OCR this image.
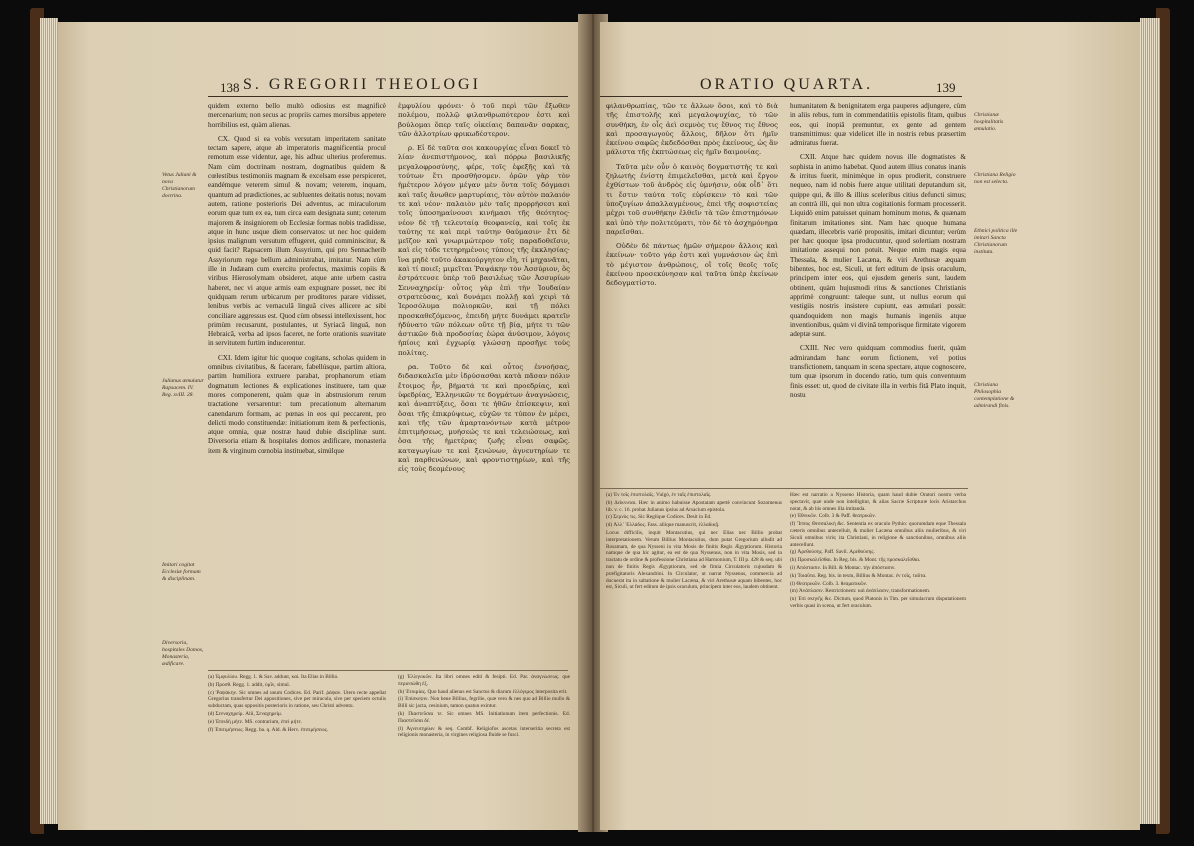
138 S. GREGORII THEOLOGI

quidem externo bello multò odiosius est magnificè mercenarium; non secus ac propriis carnes morsibus appetere horribilius est, quàm alienas.

CX. Quod si ea vobis versutam imperitatem sanitate tectam sapere, atque ab imperatoris magnificentia procul remotum esse videntur, age, his adhuc ulterius proferemus. Nam cùm doctrinam nostram, dogmatibus quidem & cœlestibus testimoniis magnam & excelsam esse perspiceret, eandémque veterem simul & novam; veterem, inquam, quantum ad prædictiones, ac subluentes deitatis notus; novam autem, ratione posterioris Dei adventus, ac miraculorum eorum quæ tum ex ea, tum circa eam designata sunt; ceterum majorem & insigniorem ob Ecclesiæ formas nobis tradidisse, atque in hunc usque diem conservatos: ut nec hoc quidem ipsius malignum versutum effugeret, quid comminiscitur, & quid facit? Rapsacem illum Assyrium, qui pro Sennacherib Assyriorum rege bellum administrabat, imitatur. Nam cùm ille in Judæam cum exercitu profectus, maximis copiis & viribus Hierosolymam obsideret, atque ante urbem castra haberet, nec vi atque armis eam expugnare posset, nec ibi quidquam rerum urbicarum per proditores parare vidisset, lenibus verbis ac vernaculâ linguâ cives allicere ac sibi conciliare aggressus est. Quod cùm obsessi intellexissent, hoc primùm recusarunt, postulantes, ut Syriacâ linguâ, non Hebraicâ, verba ad ipsos faceret, ne forte orationis suavitate in servitutem furtim inducerentur.

CXI. Idem igitur hic quoque cogitans, scholas quidem in omnibus civitatibus, & facerare, fabellúsque, partim altiora, partim humiliora extruere parabat, prophanorum etiam dogmatum lectiones & explicationes instituere, tam quæ mores componerent, quàm quæ in abstrusiorum rerum tractatione versarentur: tum precationum alternarum canendarum formam, ac pœnas in eos qui peccarent, pro delicti modo constituendæ: initiationum item & perfectionis, atque omnia, quæ nostræ haud dubie disciplinæ sunt. Diversoria etiam & hospitales domos ædificare, monasteria item & virginum cœnobia instituebat, simúlque

ἐμφυλίου φρόνει· ὁ τοῦ περὶ τῶν ἔξωθεν πολέμου, πολλῷ φιλανθρωπότερον ἐστι καὶ βούλομαι ὅπερ ταῖς οἰκείαις δαπανᾶν σαρκας, τῶν ἀλλοτρίων φρικωδέστερον.

ρ. Εἰ δὲ ταῦτα σοι κακουργίας εἶναι δοκεῖ τὸ λίαν ἀνεπιστήμονος, καὶ πόρρω βασιλικῆς μεγαλοφροσύνης, φέρε, τοῖς ἐφεξῆς καὶ τὰ τούτων ἔτι προσθήσομεν. ὁρῶν γὰρ τὸν ἡμέτερον λόγον μέγαν μὲν ὄντα τοῖς δόγμασι καὶ ταῖς ἄνωθεν μαρτυρίαις, τὸν αὐτὸν παλαιόν τε καὶ νέον· παλαιὸν μὲν ταῖς προρρήσεσι καὶ τοῖς ὑποσημαίνουσι κινήμασι τῆς θεότητος· νέον δὲ τῇ τελευταίᾳ θεοφανείᾳ, καὶ τοῖς ἐκ ταύτης τε καὶ περὶ ταύτην θαύμασιν· ἔτι δὲ μεῖζον καὶ γνωριμώτερον τοῖς παραδοθεῖσιν, καὶ εἰς τόδε τετηρημένοις τύποις τῆς ἐκκλησίας· ἵνα μηδὲ τοῦτο ἀκακούργητον εἴη, τί μηχανᾶται, καὶ τί ποιεῖ; μιμεῖται Ῥαψάκην τὸν Ἀσσύριον, ὃς ἐστράτευσε ὑπὲρ τοῦ βασιλέως τῶν Ἀσσυρίων Σενναχηρείμ· οὗτος γὰρ ἐπὶ τὴν Ἰουδαίαν στρατεύσας, καὶ δυνάμει πολλῇ καὶ χειρὶ τὰ Ἱεροσόλυμα πολιορκῶν, καὶ τῇ πόλει προσκαθεζόμενος, ἐπειδὴ μήτε δυνάμει κρατεῖν ἠδύνατο τῶν πόλεων οὔτε τῇ βίᾳ, μήτε τι τῶν ἀστικῶν διὰ προδοσίας ἑώρα ἀνύσιμον, λόγοις ἠπίοις καὶ ἐγχωρίᾳ γλώσσῃ προσῆγε τοὺς πολίτας.

ρα. Τοῦτο δὲ καὶ οὗτος ἐννοήσας, διδασκαλεῖα μὲν ἱδρύσασθαι κατὰ πᾶσαν πόλιν ἔτοιμος ἦν, βήματά τε καὶ προεδρίας, καὶ ὑφεδρίας, Ἑλληνικῶν τε δογμάτων ἀναγνώσεις, καὶ ἀναπτύξεις, ὅσαι τε ἠθῶν ἐπίσκεψιν, καὶ ὅσαι τῆς ἐπικρύψεως, εὐχῶν τε τύπον ἐν μέρει, καὶ τῆς τῶν ἁμαρτανόντων κατὰ μέτρον ἐπιτιμήσεως, μυήσεώς τε καὶ τελειώσεως, καὶ ὅσα τῆς ἡμετέρας ζωῆς εἶναι σαφῶς. καταγωγίων τε καὶ ξενώνων, ἁγνευτηρίων τε καὶ παρθενώνων, καὶ φροντιστηρίων, καὶ τῆς εἰς τοὺς δεομένους

Vetus Juliani & nova Christianorum doctrina.
Julianus æmulatur Rapsacem. IV. Reg. xvIII. 28.
Imitari cogitat Ecclesiæ formam & disciplinam.
Diversoria, hospitales Domos, Monasteria, ædificare.
(a) Ἐμφυλίου. Regg. 1. & Sav. addunt, καὶ. Ita Elias in Billio.
(b) Προσθ. Regg. 1. addit, ὑμῖν, simul.
(c) Ῥαψάκην. Sic omnes ad unum Codices. Ed. Parif. ῥάψαν. Utero recte appellat Gregorius transfertur Dei appositiones, sive per miracula, sive per speciem octulis subductam, quas oppositis posterioris in ratione, seu Christi adventu.
(d) Σενναχηρείμ. Alii, Σεναχηρείμ.
(e) Ἐπειδὴ μήτε. MS. contrarium, ἐπεὶ μήτε.
(f) Ἐπιτιμήσεως. Regg. ba. q. Ald. & Herv. ἐπιτιμήσεως.
(g) Ἑλληνικῶν. Ita libri omnes editi & fesipti. Ed. Par. ἀναγνώσεως. que περιεσώθη ἐξ.
(h) Ἑτοιμίας. Quo haud alienus est Sanctus & diarum ἑλλόγιμος interposita erit.
(i) Ἐπίσκεψιν. Non bene Billius, fegrilie, quæ vero & nes quo ad Billio mullo & Billi sic jacta, cesinium, tamon quatun exintur.
(k) Πιαστεῦσαι τε. Sic omnes MS. Initiationum item perfectionis. Ed. Πιαστεῦσαι δέ.
(l) Ἀγνευτηρίων & seq. Combf. Religiofos ascetas interseritia secreta est religionis monasteria, in virgines religiosa fluide se fusci.
ORATIO QUARTA.	139

φιλανθρωπίας, τῶν τε ἄλλων ὅσοι, καὶ τὸ διὰ τῆς ἐπιστολῆς καὶ μεγαλοψυχίας, τὸ τῶν συνθήκη, ἐν οἷς ἀεὶ σεμνὸς τις ἔθνος τις ἔθνος καὶ προσαγωγοὺς ἄλλοις, δῆλον ὅτι ἡμῖν ἐκείνου σαφῶς ἐκδεδόσθαι πρὸς ἐκείνους, ὡς ἂν μάλιστα τῆς ἐκπτώσεως εἰς ἡμῖν δαιμονίας.

Ταῦτα μὲν οὖν ὁ καινὸς δογματιστὴς τε καὶ ζηλωτὴς ἐνίστη ἐπιμελεῖσθαι, μετὰ καὶ ἔργον ἐχθίστων τοῦ ἀνδρὸς εἰς ὑμνήσιν, οὐκ οἶδ᾽ ὅτι τι ἔστιν ταύτα τοῖς εὑρίσκειν τὸ καὶ τῶν ὑποζυγίων ἀπαλλαγμένους, ἐπεὶ τῆς σοφιστείας μέχρι τοῦ συνθήκην ἐλθεῖν τὰ τῶν ἐπιστημόνων καὶ ὑπὸ τὴν πολιτεύματι, τὸν δὲ τὸ ἀσχημόνημα παρεῖσθαι.

Οὐδὲν δὲ πάντως ἡμῶν σήμερον ἄλλοις καὶ ἐκείνων· τοῦτο γάρ ἐστι καὶ γυμνάσιον ὡς ἐπὶ τὸ μέγιστον ἀνθρώποις, οἳ τοῖς θεοῖς τοῖς ἐκείνου προσεκύνησαν καὶ ταῦτα ὑπὲρ ἐκείνων δεδογματίστο.

humanitatem & benignitatem erga pauperes adjungere, cùm in aliis rebus, tum in commendatitiis epistolis fitam, quibus eos, qui inopiâ premuntur, ex gente ad gentem transmittimus: quæ videlicet ille in nostris rebus præsertim admiratus fuerat.

CXII. Atque hæc quidem novus ille dogmatistes & sophista in animo habebat. Quod autem illius conatus inanis & irritus fuerit, minimèque in opus prodierit, construere nequeo, nam id nobis fuere atque utilitati deputandum sit, quippe qui, & illo & illius sceleribus citius defuncti simus; an contrà illi, qui non ultra cogitationis formam processerit. Liquidò enim patuisset quinam hominum motus, & quænam finitarum imitationes sint. Nam hæc quoque humana quædam, illecebris variè propositis, imitari dicuntur; verùm per hæc quoque ipsa producuntur, quod solertiam nostram imitatione assequi non potuit. Neque enim magis equa Thessala, & mulier Lacæna, & viri Arethusæ æquam bibentes, hoc est, Siculi, ut fert editum de ipsis oraculum, principem inter eos, qui ejusdem generis sunt, laudem obtinent, quàm hujusmodi ritus & sanctiones Christianis apprimè congruunt: taleque sunt, ut nullus eorum qui vestigiis nostris insistere cupiunt, eas æmulari possit: quandoquidem non magis humanis ingeniis atque inventionibus, quàm vi divinâ temporisque firmitate vigorem adeptæ sunt.

CXIII. Nec vero quidquam commodius fuerit, quàm admirandam hanc eorum fictionem, vel potius transfictionem, tanquam in scena spectare, atque cognoscere, tum quæ ipsorum in docendo ratio, tum quis conventuum finis esset: ut, quod de civitate illa in verbis fitâ Plato inquit, nostu

Christianæ hospitalitatis æmulatio.
Christiana Religio non est selecta.
Ethnici politica ille imitari Sancta Christianorum instituta.
Christiana Philosophia contemplatione & admirandi finis.
(a) Ἐν τοῖς ἐπιστολαῖς. Vulgò, ἐν ταῖς ἐπιστολαῖς.
(b) Δείκνυται. Hæc in animo habuisse Apostatam apertè convincunt Sozomenus lib. v. c. 16. probat Julianus ipsius ad Arsacium epistola.
(c) Σεμνὸς τις. Sic Regiique Codices. Desit in Ed.
(d) Ἀλλ᾽ Ἑλλάδος. Fass. aliique manuscrit, ἑλλαδικῇ.
Locus difficilis, inquit Montacutius, qui nec Elias nec Billio probat interpretationem. Verum Billius Montacutius, dum putat Gregorium alludit ad Rosamam, de qua Nysseni in vita Mosis de finitis Regis Ægyptiorum. Historia namque de qua hic agitur, ea est de qua Nyssenus, non in vita Mosis, sed in tractatu de ordine & professione Christiana ad Harmonium, T. III p. 428 & seq. ubi non de finitis Regis Ægyptiorum, sed de fimia Circulatoris cujusdam & præfigitatoris Alexandrini. In Circulator, ut narrat Nyssenus, commercia ad docuerat ita in saltatione & mulier Lacæna, & viri Arethusæ aquam bibentes, hoc est, Siculi, ut fert editum de ipsis oraculum, principem inter eos, laudem obtinent.
Hæc est narratio a Nysseno Historia, quam haud dubie Oratori nostro verba spectavit, quæ unde non intelligitur, & alias Sacræ Scripturæ locis Aristarchus notat, & ab his omnes illa imitanda.
(e) Ἐθνικῶν. Colb. 3 & Paff. θεατρικῶν.
(f) Ἵππος Θεσσαλική &c. Sententia ex oraculo Pythio: quorumdam eque Thessala cæteris omnibus antecelluit, & mulier Lacæna omnibus aliis mulieribus, & viri Siculi omnibus viris; ita Christiani, in religione & sanctionibus, omnibus aliis antecellunt.
(g) Ἀρεθούσης. Paff. Savil. Αρεθούσης.
(h) Προσκαλεῖσθαι. In Reg. bis. & Mont. τῆς προσκαλεῖσθαι.
(i) Ἀπόστασιν. In Bill. & Montac. τὴν ἀπόστασιν.
(k) Τοιαῦτα. Reg. bis. in textu, Billius & Montac. ἐν τοῖς, ταῦτα.
(l) Θεατρικῶν. Colb. 3. θεαματικῶν.
(m) Ἀνάπλασιν. Restrictionem: καὶ ἀνάπλασιν, transformationem.
(n) Ἐπὶ σκηνῆς &c. Dictum, quod Platonis in Tim. per simulacrum disputationem verbis quasi in scena, ut fert oraculum.
